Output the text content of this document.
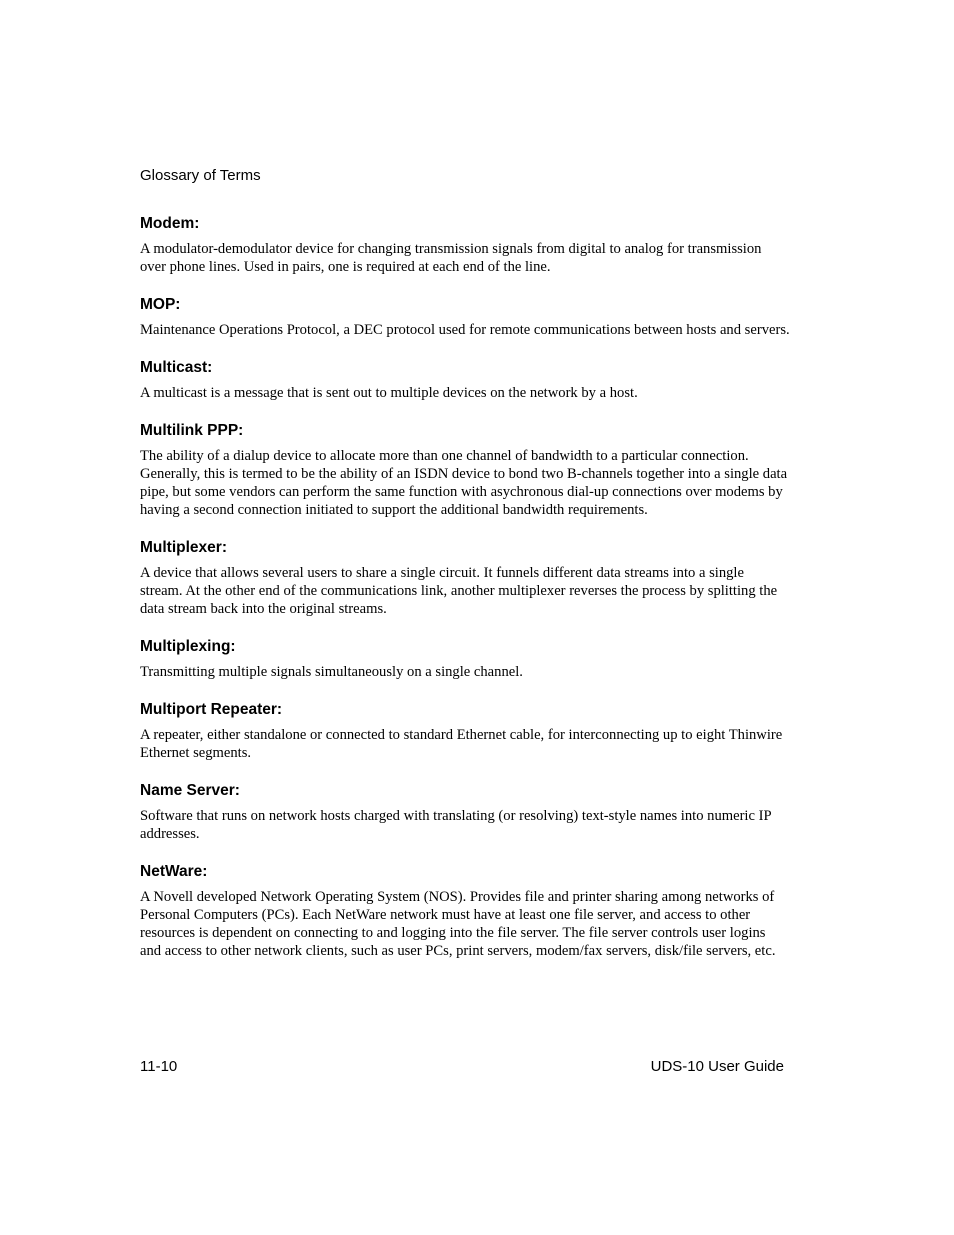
Glossary of Terms

Modem:

A modulator-demodulator device for changing transmission signals from digital to analog for transmission over phone lines. Used in pairs, one is required at each end of the line.

MOP:

Maintenance Operations Protocol, a DEC protocol used for remote communications between hosts and servers.

Multicast:

A multicast is a message that is sent out to multiple devices on the network by a host.

Multilink PPP:

The ability of a dialup device to allocate more than one channel of bandwidth to a particular connection. Generally, this is termed to be the ability of an ISDN device to bond two B-channels together into a single data pipe, but some vendors can perform the same function with asychronous dial-up connections over modems by having a second connection initiated to support the additional bandwidth requirements.

Multiplexer:

A device that allows several users to share a single circuit. It funnels different data streams into a single stream. At the other end of the communications link, another multiplexer reverses the process by splitting the data stream back into the original streams.

Multiplexing:

Transmitting multiple signals simultaneously on a single channel.

Multiport Repeater:

A repeater, either standalone or connected to standard Ethernet cable, for interconnecting up to eight Thinwire Ethernet segments.

Name Server:

Software that runs on network hosts charged with translating (or resolving) text-style names into numeric IP addresses.

NetWare:

A Novell developed Network Operating System (NOS). Provides file and printer sharing among networks of Personal Computers (PCs). Each NetWare network must have at least one file server, and access to other resources is dependent on connecting to and logging into the file server. The file server controls user logins and access to other network clients, such as user PCs, print servers, modem/fax servers, disk/file servers, etc.

11-10	UDS-10 User Guide
